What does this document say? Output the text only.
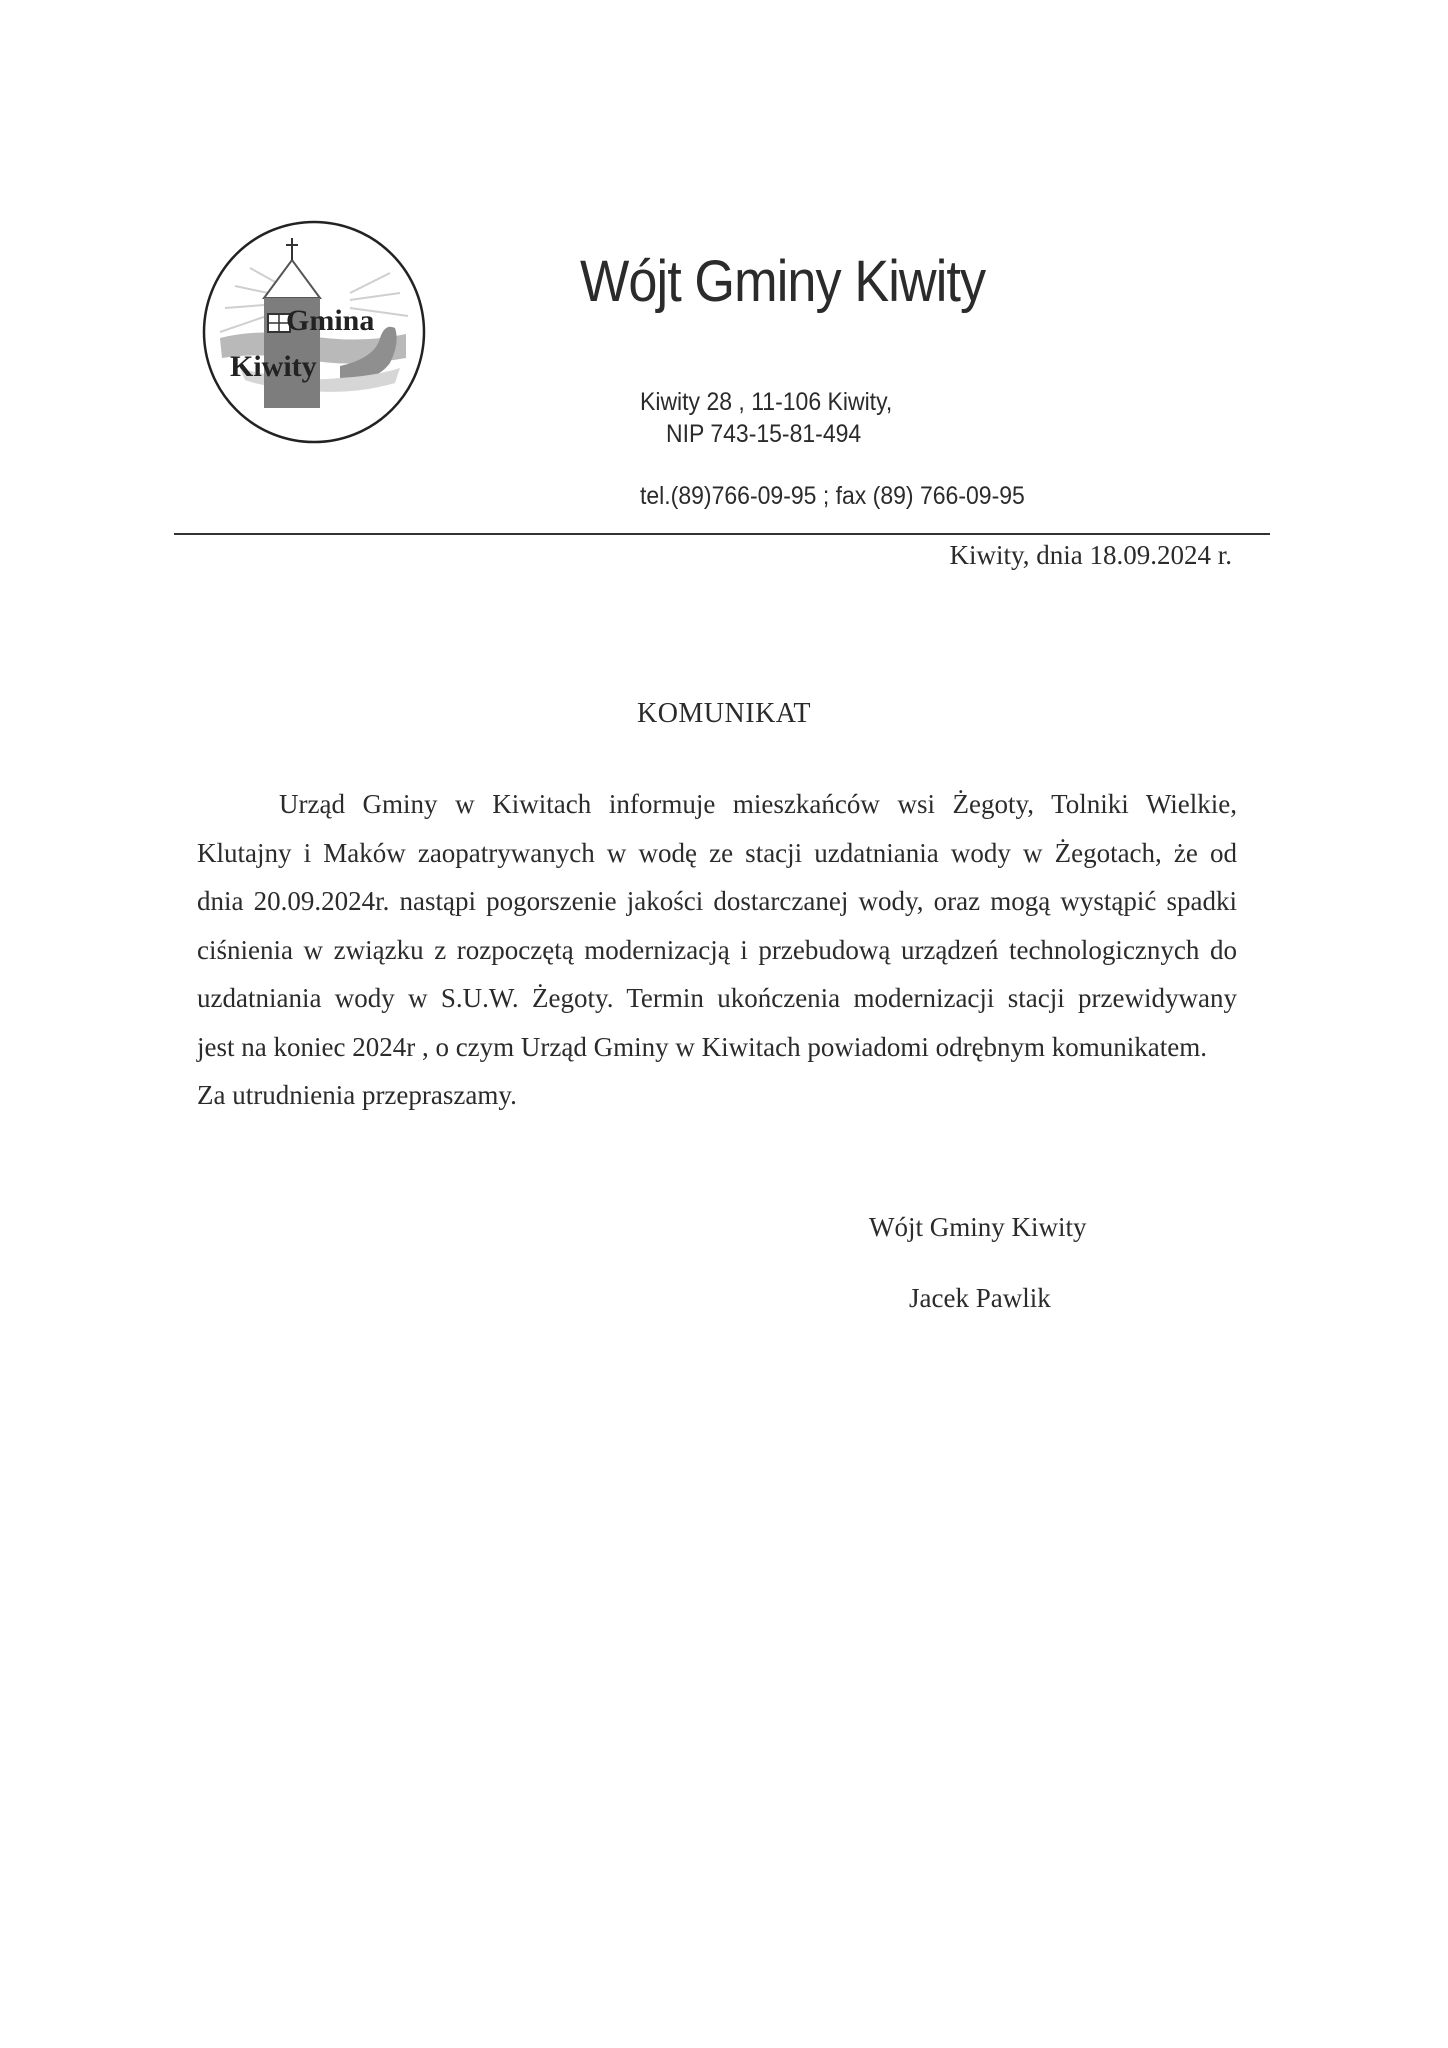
Gmina
Kiwity
Wójt Gminy Kiwity
Kiwity 28 , 11-106 Kiwity,
NIP 743-15-81-494
tel.(89)766-09-95 ; fax (89) 766-09-95
Kiwity, dnia 18.09.2024 r.
KOMUNIKAT
Urząd Gminy w Kiwitach informuje mieszkańców wsi Żegoty, Tolniki Wielkie,
Klutajny i Maków zaopatrywanych w wodę ze stacji uzdatniania wody w Żegotach, że od
dnia 20.09.2024r. nastąpi pogorszenie jakości dostarczanej wody, oraz mogą wystąpić spadki
ciśnienia w związku z rozpoczętą modernizacją i przebudową urządzeń technologicznych do
uzdatniania wody w S.U.W. Żegoty. Termin ukończenia modernizacji stacji przewidywany
jest na koniec 2024r , o czym Urząd Gminy w Kiwitach powiadomi odrębnym komunikatem.
Za utrudnienia przepraszamy.
Wójt Gminy Kiwity
Jacek Pawlik
